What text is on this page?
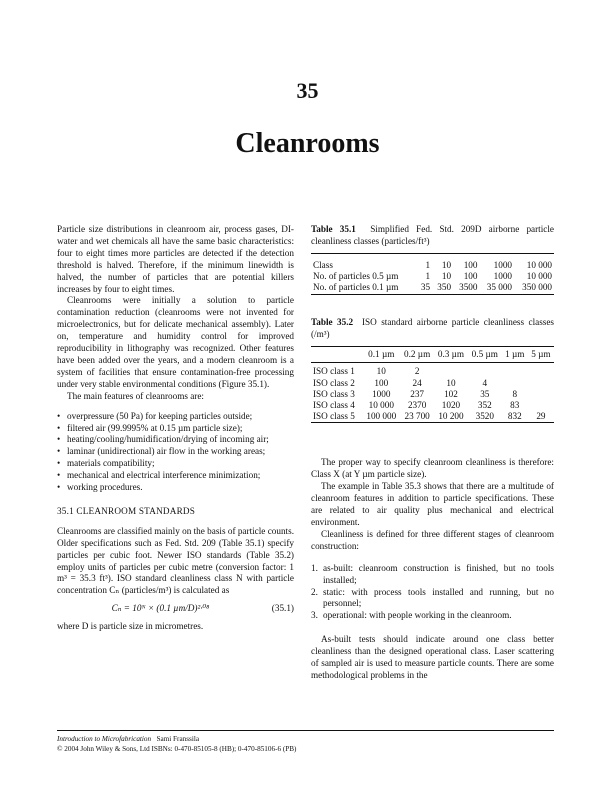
35
Cleanrooms

Particle size distributions in cleanroom air, process gases, DI-water and wet chemicals all have the same basic characteristics: four to eight times more particles are detected if the detection threshold is halved. Therefore, if the minimum linewidth is halved, the number of particles that are potential killers increases by four to eight times.

Cleanrooms were initially a solution to particle contamination reduction (cleanrooms were not invented for microelectronics, but for delicate mechanical assembly). Later on, temperature and humidity control for improved reproducibility in lithography was recognized. Other features have been added over the years, and a modern cleanroom is a system of facilities that ensure contamination-free processing under very stable environmental conditions (Figure 35.1).

The main features of cleanrooms are:

• overpressure (50 Pa) for keeping particles outside;
• filtered air (99.9995% at 0.15 µm particle size);
• heating/cooling/humidification/drying of incoming air;
• laminar (unidirectional) air flow in the working areas;
• materials compatibility;
• mechanical and electrical interference minimization;
• working procedures.
35.1 CLEANROOM STANDARDS

Cleanrooms are classified mainly on the basis of particle counts. Older specifications such as Fed. Std. 209 (Table 35.1) specify particles per cubic foot. Newer ISO standards (Table 35.2) employ units of particles per cubic metre (conversion factor: 1 m³ = 35.3 ft³). ISO standard cleanliness class N with particle concentration Cₙ (particles/m³) is calculated as

Cₙ = 10ᴺ × (0.1 µm/D)²·⁰⁸	(35.1)

where D is particle size in micrometres.

Table 35.1 Simplified Fed. Std. 209D airborne particle cleanliness classes (particles/ft³)

Class	1	10	100	1000	10 000
No. of particles 0.5 µm	1	10	100	1000	10 000
No. of particles 0.1 µm	35	350	3500	35 000	350 000

Table 35.2 ISO standard airborne particle cleanliness classes (/m³)

	0.1 µm	0.2 µm	0.3 µm	0.5 µm	1 µm	5 µm
ISO class 1	10	2				
ISO class 2	100	24	10	4		
ISO class 3	1000	237	102	35	8	
ISO class 4	10 000	2370	1020	352	83	
ISO class 5	100 000	23 700	10 200	3520	832	29

The proper way to specify cleanroom cleanliness is therefore: Class X (at Y µm particle size).

The example in Table 35.3 shows that there are a multitude of cleanroom features in addition to particle specifications. These are related to air quality plus mechanical and electrical environment.

Cleanliness is defined for three different stages of cleanroom construction:

1. as-built: cleanroom construction is finished, but no tools installed;
2. static: with process tools installed and running, but no personnel;
3. operational: with people working in the cleanroom.

As-built tests should indicate around one class better cleanliness than the designed operational class. Laser scattering of sampled air is used to measure particle counts. There are some methodological problems in the

Introduction to Microfabrication Sami Franssila
© 2004 John Wiley & Sons, Ltd ISBNs: 0-470-85105-8 (HB); 0-470-85106-6 (PB)
